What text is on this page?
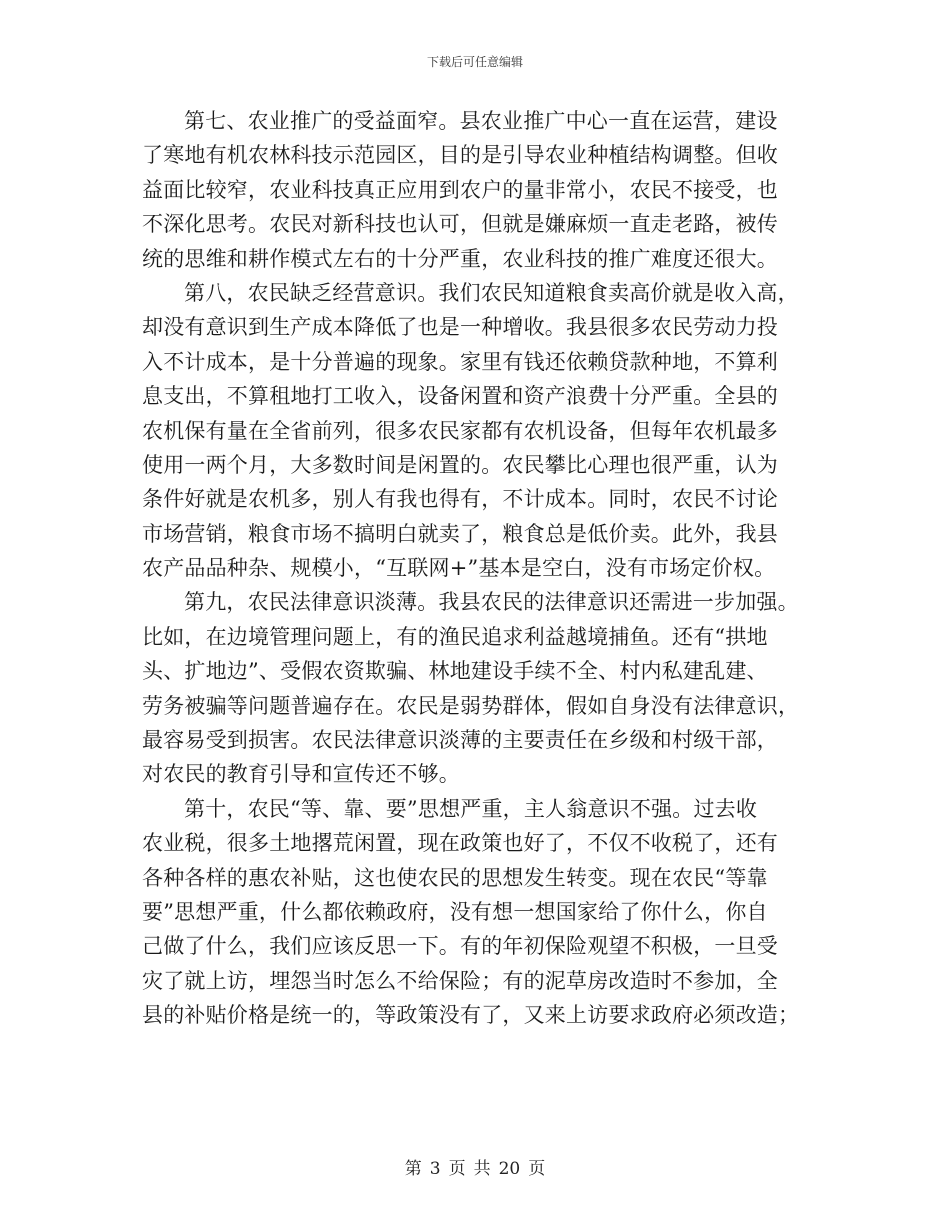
下载后可任意编辑
第七、农业推广的受益面窄。县农业推广中心一直在运营，建设
了寒地有机农林科技示范园区，目的是引导农业种植结构调整。但收
益面比较窄，农业科技真正应用到农户的量非常小，农民不接受，也
不深化思考。农民对新科技也认可，但就是嫌麻烦一直走老路，被传
统的思维和耕作模式左右的十分严重，农业科技的推广难度还很大。
第八，农民缺乏经营意识。我们农民知道粮食卖高价就是收入高，
却没有意识到生产成本降低了也是一种增收。我县很多农民劳动力投
入不计成本，是十分普遍的现象。家里有钱还依赖贷款种地，不算利
息支出，不算租地打工收入，设备闲置和资产浪费十分严重。全县的
农机保有量在全省前列，很多农民家都有农机设备，但每年农机最多
使用一两个月，大多数时间是闲置的。农民攀比心理也很严重，认为
条件好就是农机多，别人有我也得有，不计成本。同时，农民不讨论
市场营销，粮食市场不搞明白就卖了，粮食总是低价卖。此外，我县
农产品品种杂、规模小，“互联网+”基本是空白，没有市场定价权。
第九，农民法律意识淡薄。我县农民的法律意识还需进一步加强。
比如，在边境管理问题上，有的渔民追求利益越境捕鱼。还有“拱地
头、扩地边”、受假农资欺骗、林地建设手续不全、村内私建乱建、
劳务被骗等问题普遍存在。农民是弱势群体，假如自身没有法律意识，
最容易受到损害。农民法律意识淡薄的主要责任在乡级和村级干部，
对农民的教育引导和宣传还不够。
第十，农民“等、靠、要”思想严重，主人翁意识不强。过去收
农业税，很多土地撂荒闲置，现在政策也好了，不仅不收税了，还有
各种各样的惠农补贴，这也使农民的思想发生转变。现在农民“等靠
要”思想严重，什么都依赖政府，没有想一想国家给了你什么，你自
己做了什么，我们应该反思一下。有的年初保险观望不积极，一旦受
灾了就上访，埋怨当时怎么不给保险；有的泥草房改造时不参加，全
县的补贴价格是统一的，等政策没有了，又来上访要求政府必须改造；
第 3 页 共 20 页
